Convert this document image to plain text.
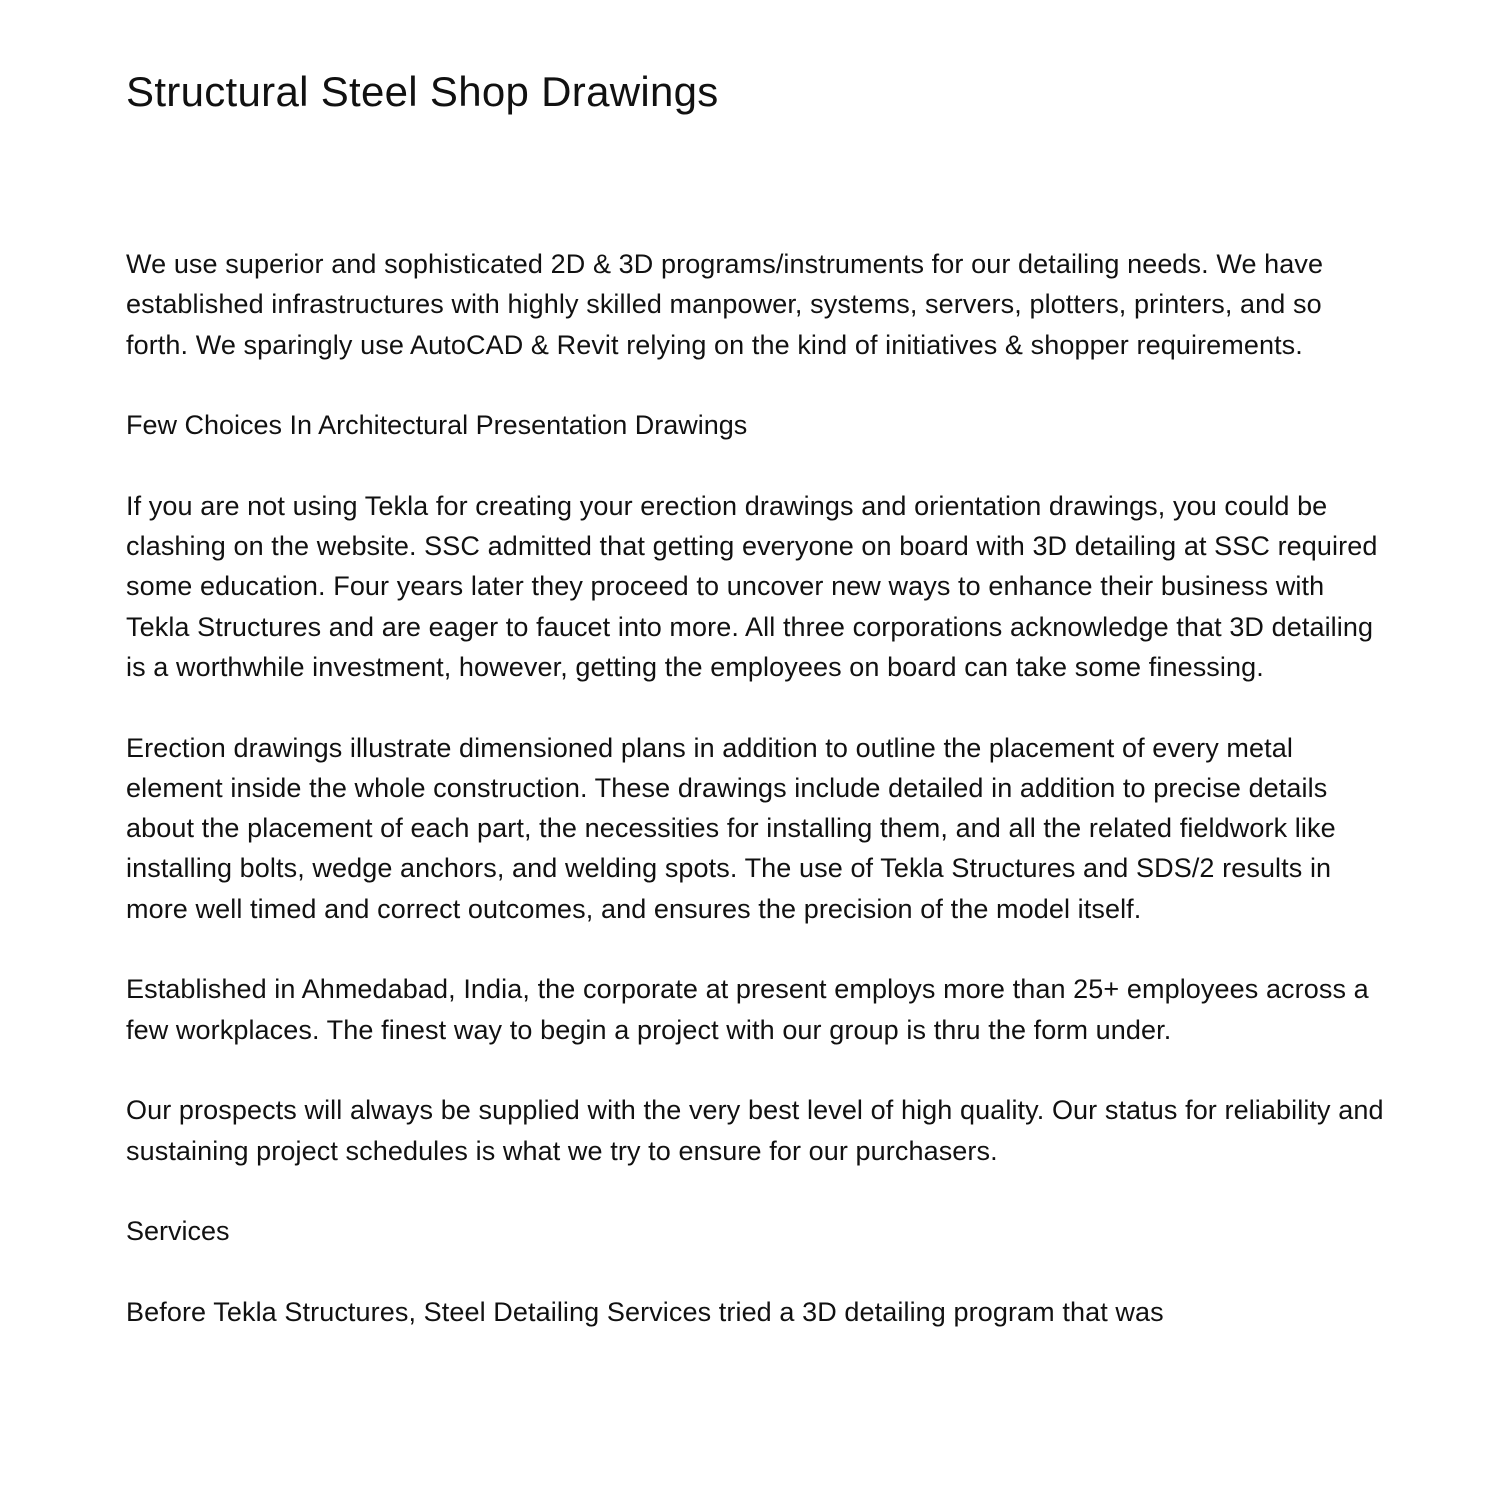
Structural Steel Shop Drawings

We use superior and sophisticated 2D & 3D programs/instruments for our detailing needs. We have established infrastructures with highly skilled manpower, systems, servers, plotters, printers, and so forth. We sparingly use AutoCAD & Revit relying on the kind of initiatives & shopper requirements.

Few Choices In Architectural Presentation Drawings

If you are not using Tekla for creating your erection drawings and orientation drawings, you could be clashing on the website. SSC admitted that getting everyone on board with 3D detailing at SSC required some education. Four years later they proceed to uncover new ways to enhance their business with Tekla Structures and are eager to faucet into more. All three corporations acknowledge that 3D detailing is a worthwhile investment, however, getting the employees on board can take some finessing.

Erection drawings illustrate dimensioned plans in addition to outline the placement of every metal element inside the whole construction. These drawings include detailed in addition to precise details about the placement of each part, the necessities for installing them, and all the related fieldwork like installing bolts, wedge anchors, and welding spots. The use of Tekla Structures and SDS/2 results in more well timed and correct outcomes, and ensures the precision of the model itself.

Established in Ahmedabad, India, the corporate at present employs more than 25+ employees across a few workplaces. The finest way to begin a project with our group is thru the form under.

Our prospects will always be supplied with the very best level of high quality. Our status for reliability and sustaining project schedules is what we try to ensure for our purchasers.

Services

Before Tekla Structures, Steel Detailing Services tried a 3D detailing program that was
